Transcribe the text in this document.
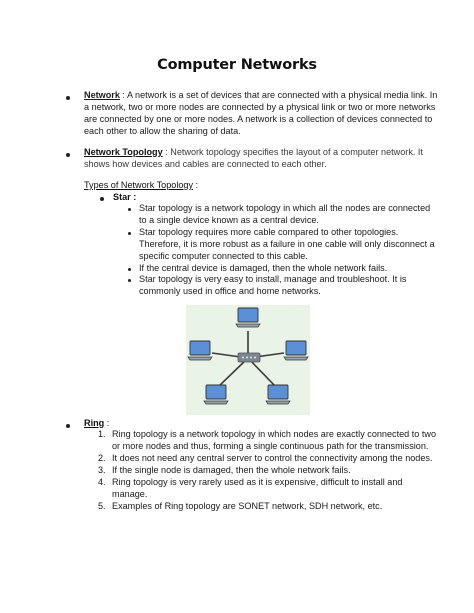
Computer Networks
Network : A network is a set of devices that are connected with a physical media link. In
a network, two or more nodes are connected by a physical link or two or more networks
are connected by one or more nodes. A network is a collection of devices connected to
each other to allow the sharing of data.
Network Topology : Network topology specifies the layout of a computer network. It
shows how devices and cables are connected to each other.
Types of Network Topology :
Star :
Star topology is a network topology in which all the nodes are connected
to a single device known as a central device.
Star topology requires more cable compared to other topologies.
Therefore, it is more robust as a failure in one cable will only disconnect a
specific computer connected to this cable.
If the central device is damaged, then the whole network fails.
Star topology is very easy to install, manage and troubleshoot. It is
commonly used in office and home networks.
Ring :
1. Ring topology is a network topology in which nodes are exactly connected to two
or more nodes and thus, forming a single continuous path for the transmission.
2. It does not need any central server to control the connectivity among the nodes.
3. If the single node is damaged, then the whole network fails.
4. Ring topology is very rarely used as it is expensive, difficult to install and
manage.
5. Examples of Ring topology are SONET network, SDH network, etc.
